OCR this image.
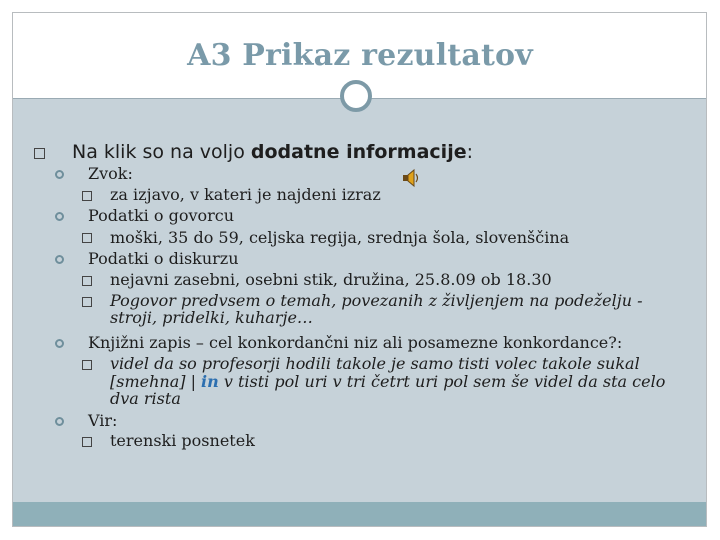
A3 Prikaz rezultatov
Na klik so na voljo dodatne informacije:
Zvok:
za izjavo, v kateri je najdeni izraz
Podatki o govorcu
moški, 35 do 59, celjska regija, srednja šola, slovenščina
Podatki o diskurzu
nejavni zasebni, osebni stik, družina, 25.8.09 ob 18.30
Pogovor predvsem o temah, povezanih z življenjem na podeželju -
stroji, pridelki, kuharje…
Knjižni zapis – cel konkordančni niz ali posamezne konkordance?:
videl da so profesorji hodili takole je samo tisti volec takole sukal
[smehna] | in v tisti pol uri v tri četrt uri pol sem še videl da sta celo
dva rista
Vir:
terenski posnetek
